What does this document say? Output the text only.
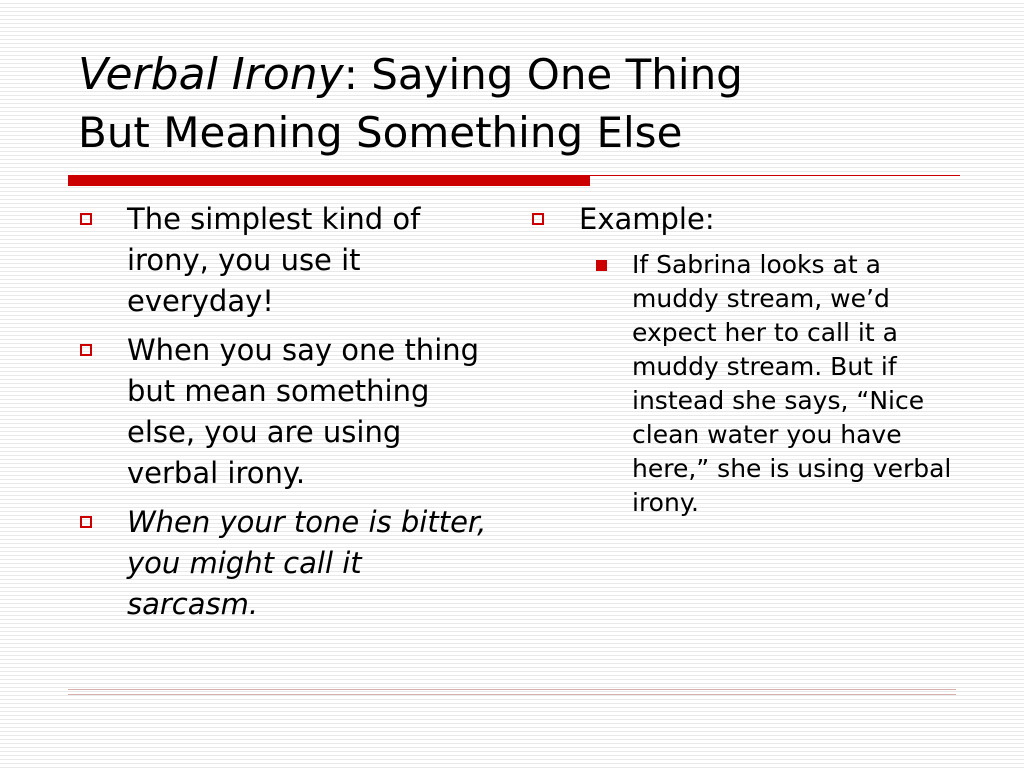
Verbal Irony: Saying One Thing
But Meaning Something Else
The simplest kind of irony, you use it everyday!
When you say one thing but mean something else, you are using verbal irony.
When your tone is bitter, you might call it sarcasm.
Example:
If Sabrina looks at a muddy stream, we’d expect her to call it a muddy stream. But if instead she says, “Nice clean water you have here,” she is using verbal irony.
